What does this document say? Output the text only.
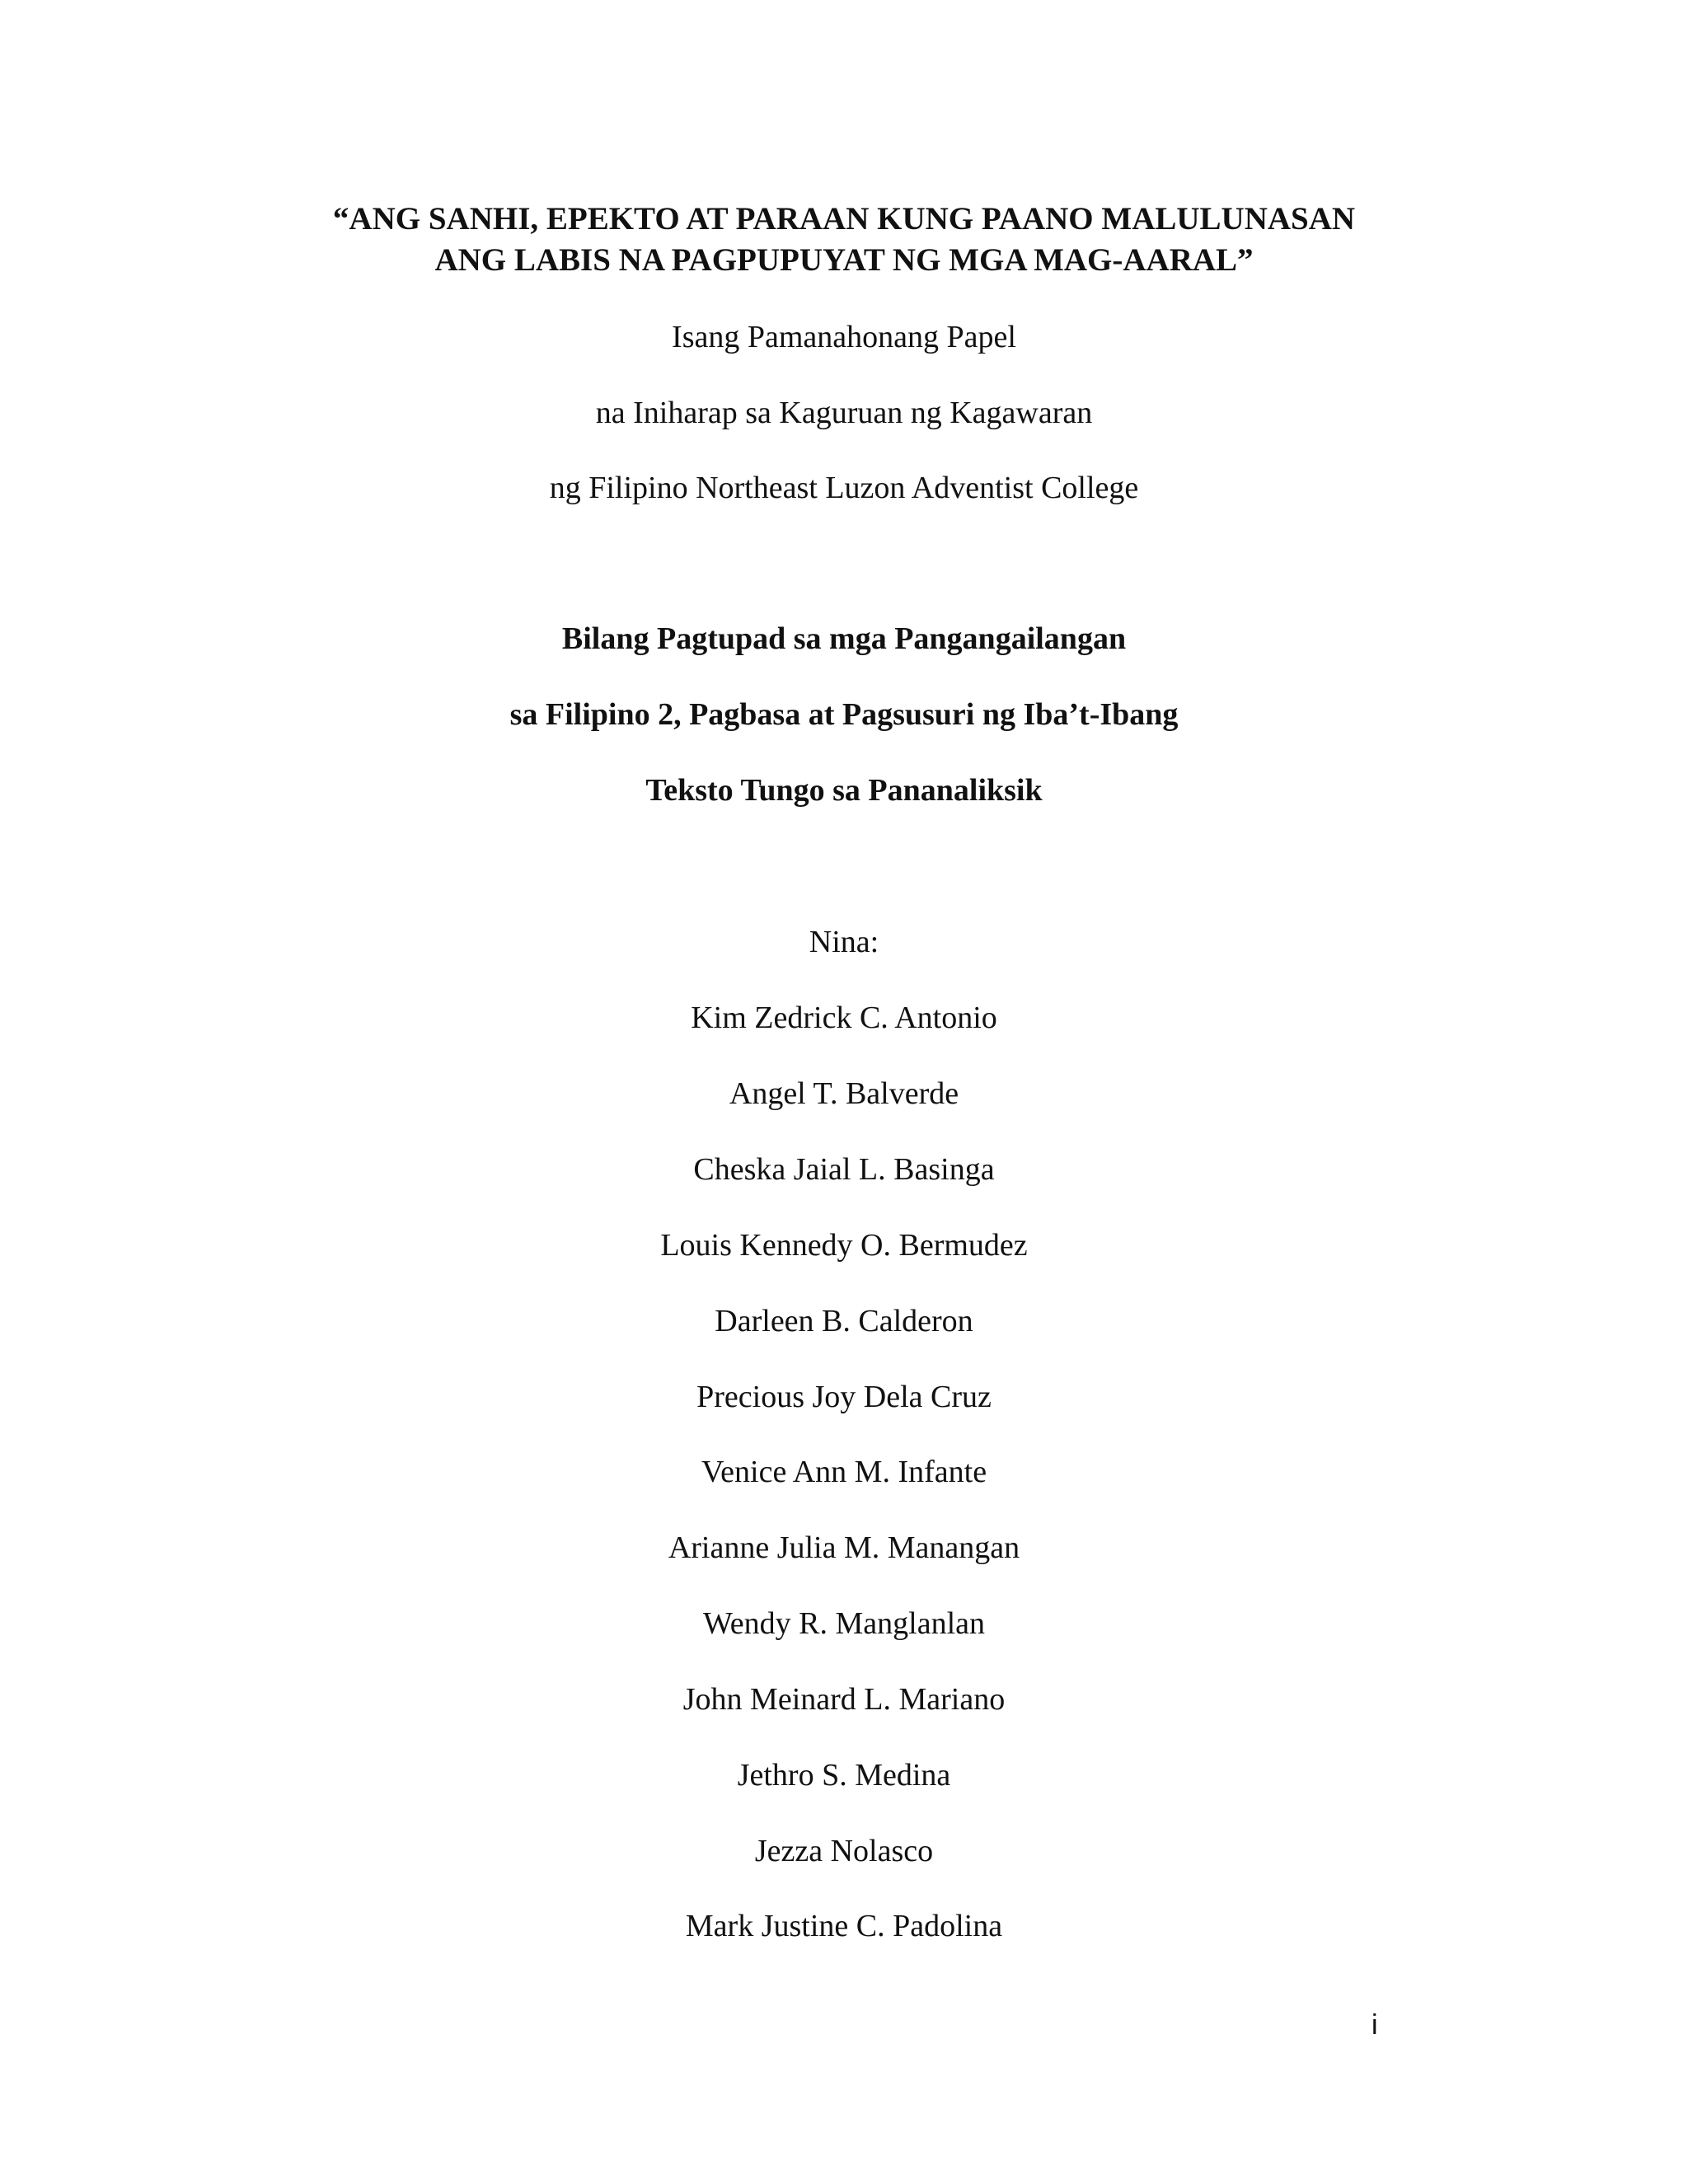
“ANG SANHI, EPEKTO AT PARAAN KUNG PAANO MALULUNASAN
ANG LABIS NA PAGPUPUYAT NG MGA MAG-AARAL”
Isang Pamanahonang Papel
na Iniharap sa Kaguruan ng Kagawaran
ng Filipino Northeast Luzon Adventist College
Bilang Pagtupad sa mga Pangangailangan
sa Filipino 2, Pagbasa at Pagsusuri ng Iba’t-Ibang
Teksto Tungo sa Pananaliksik
Nina:
Kim Zedrick C. Antonio
Angel T. Balverde
Cheska Jaial L. Basinga
Louis Kennedy O. Bermudez
Darleen B. Calderon
Precious Joy Dela Cruz
Venice Ann M. Infante
Arianne Julia M. Manangan
Wendy R. Manglanlan
John Meinard L. Mariano
Jethro S. Medina
Jezza Nolasco
Mark Justine C. Padolina
i
